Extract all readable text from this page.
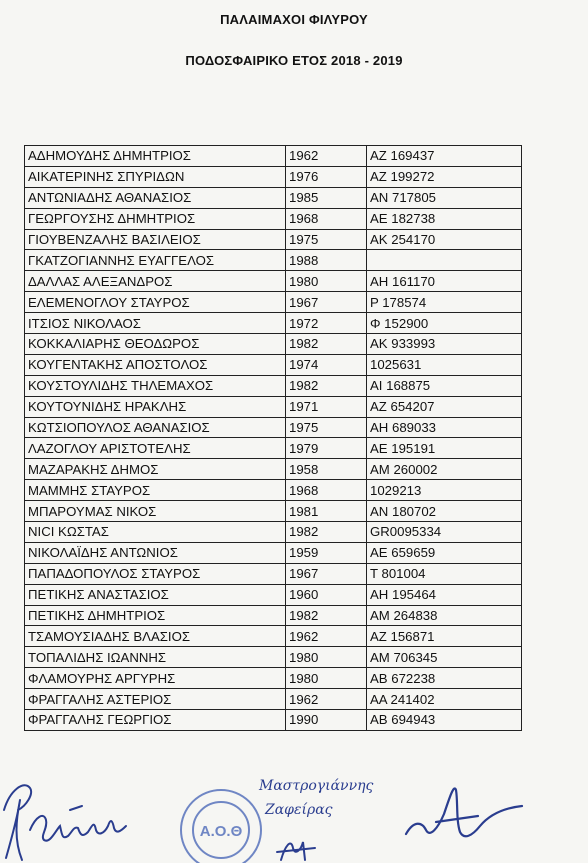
ΠΑΛΑΙΜΑΧΟΙ ΦΙΛΥΡΟΥ
ΠΟΔΟΣΦΑΙΡΙΚΟ ΕΤΟΣ 2018 - 2019
ΑΔΗΜΟΥΔΗΣ ΔΗΜΗΤΡΙΟΣ	1962	ΑΖ 169437
ΑΙΚΑΤΕΡΙΝΗΣ ΣΠΥΡΙΔΩΝ	1976	ΑΖ 199272
ΑΝΤΩΝΙΑΔΗΣ ΑΘΑΝΑΣΙΟΣ	1985	ΑΝ 717805
ΓΕΩΡΓΟΥΣΗΣ ΔΗΜΗΤΡΙΟΣ	1968	ΑΕ 182738
ΓΙΟΥΒΕΝΖΑΛΗΣ ΒΑΣΙΛΕΙΟΣ	1975	ΑΚ 254170
ΓΚΑΤΖΟΓΙΑΝΝΗΣ ΕΥΑΓΓΕΛΟΣ	1988	
ΔΑΛΛΑΣ ΑΛΕΞΑΝΔΡΟΣ	1980	ΑΗ 161170
ΕΛΕΜΕΝΟΓΛΟΥ ΣΤΑΥΡΟΣ	1967	Ρ 178574
ΙΤΣΙΟΣ ΝΙΚΟΛΑΟΣ	1972	Φ 152900
ΚΟΚΚΑΛΙΑΡΗΣ ΘΕΟΔΩΡΟΣ	1982	ΑΚ 933993
ΚΟΥΓΕΝΤΑΚΗΣ ΑΠΟΣΤΟΛΟΣ	1974	1025631
ΚΟΥΣΤΟΥΛΙΔΗΣ ΤΗΛΕΜΑΧΟΣ	1982	ΑΙ 168875
ΚΟΥΤΟΥΝΙΔΗΣ ΗΡΑΚΛΗΣ	1971	ΑΖ 654207
ΚΩΤΣΙΟΠΟΥΛΟΣ ΑΘΑΝΑΣΙΟΣ	1975	ΑΗ 689033
ΛΑΖΟΓΛΟΥ ΑΡΙΣΤΟΤΕΛΗΣ	1979	ΑΕ 195191
ΜΑΖΑΡΑΚΗΣ ΔΗΜΟΣ	1958	ΑΜ 260002
ΜΑΜΜΗΣ ΣΤΑΥΡΟΣ	1968	1029213
ΜΠΑΡΟΥΜΑΣ ΝΙΚΟΣ	1981	ΑΝ 180702
ΝΙCΙ ΚΩΣΤΑΣ	1982	GR0095334
ΝΙΚΟΛΑΪΔΗΣ ΑΝΤΩΝΙΟΣ	1959	ΑΕ 659659
ΠΑΠΑΔΟΠΟΥΛΟΣ ΣΤΑΥΡΟΣ	1967	Τ 801004
ΠΕΤΙΚΗΣ ΑΝΑΣΤΑΣΙΟΣ	1960	ΑΗ 195464
ΠΕΤΙΚΗΣ ΔΗΜΗΤΡΙΟΣ	1982	ΑΜ 264838
ΤΣΑΜΟΥΣΙΑΔΗΣ ΒΛΑΣΙΟΣ	1962	ΑΖ 156871
ΤΟΠΑΛΙΔΗΣ ΙΩΑΝΝΗΣ	1980	ΑΜ 706345
ΦΛΑΜΟΥΡΗΣ ΑΡΓΥΡΗΣ	1980	ΑΒ 672238
ΦΡΑΓΓΑΛΗΣ ΑΣΤΕΡΙΟΣ	1962	ΑΑ 241402
ΦΡΑΓΓΑΛΗΣ ΓΕΩΡΓΙΟΣ	1990	ΑΒ 694943
Α.Ο.Θ
Μαστρογιάννης
Ζαφείρας
